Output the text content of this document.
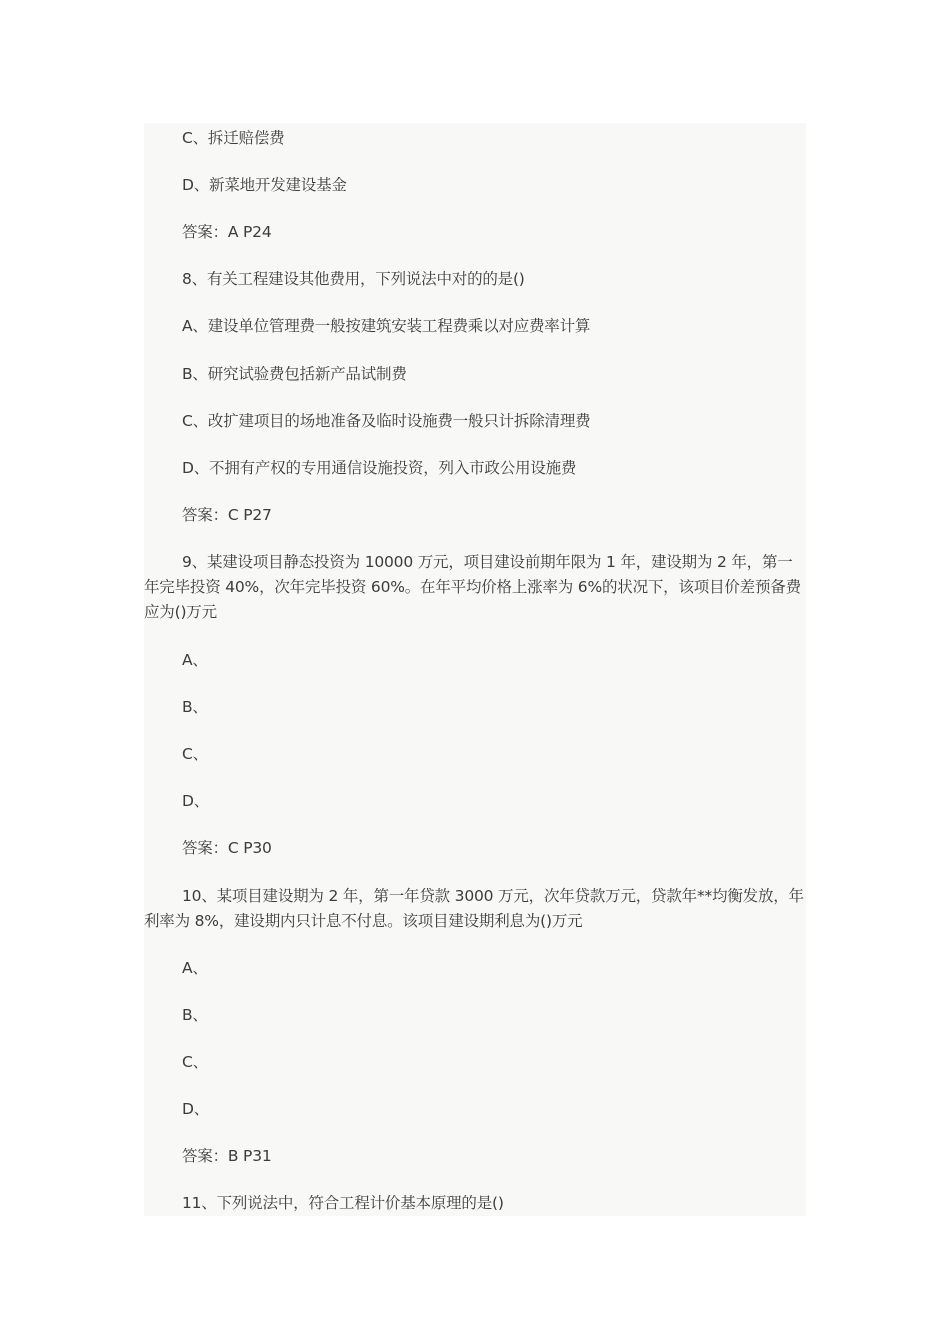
C、拆迁赔偿费
D、新菜地开发建设基金
答案：A P24
8、有关工程建设其他费用，下列说法中对的的是()
A、建设单位管理费一般按建筑安装工程费乘以对应费率计算
B、研究试验费包括新产品试制费
C、改扩建项目的场地准备及临时设施费一般只计拆除清理费
D、不拥有产权的专用通信设施投资，列入市政公用设施费
答案：C P27
9、某建设项目静态投资为 10000 万元，项目建设前期年限为 1 年，建设期为 2 年，第一年完毕投资 40%，次年完毕投资 60%。在年平均价格上涨率为 6%的状况下，该项目价差预备费应为()万元
A、
B、
C、
D、
答案：C P30
10、某项目建设期为 2 年，第一年贷款 3000 万元，次年贷款万元，贷款年**均衡发放，年利率为 8%，建设期内只计息不付息。该项目建设期利息为()万元
A、
B、
C、
D、
答案：B P31
11、下列说法中，符合工程计价基本原理的是()
